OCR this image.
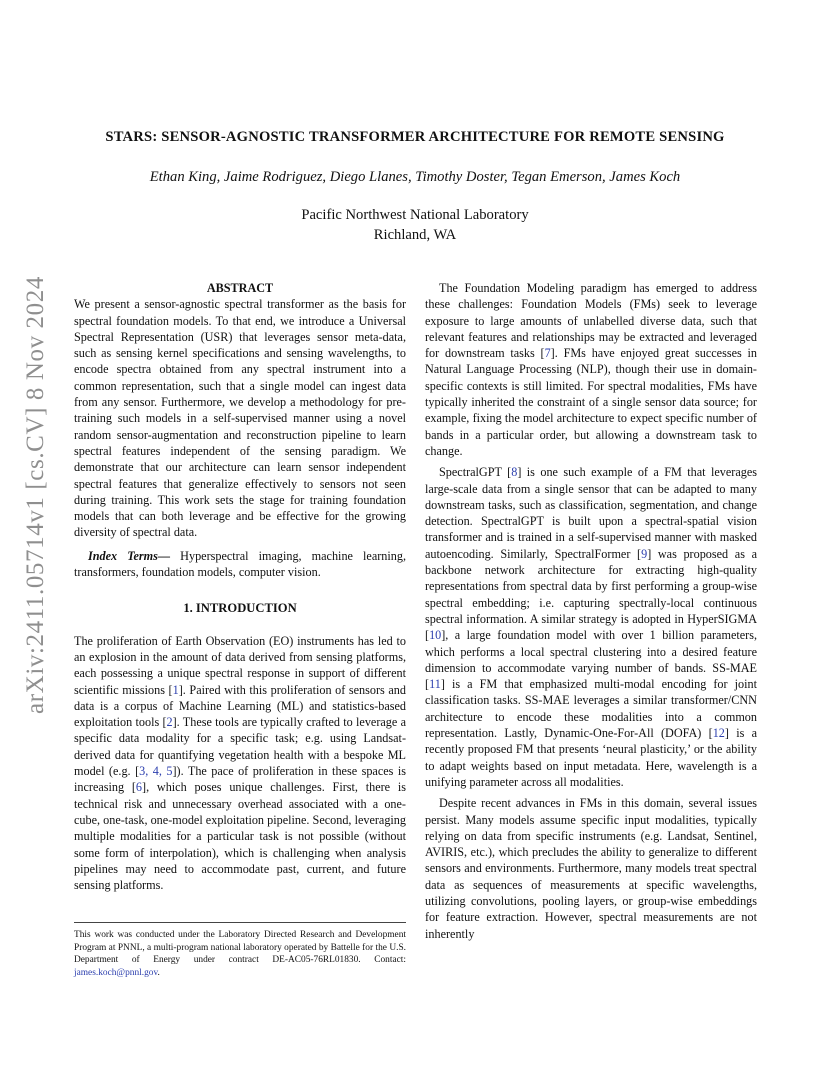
arXiv:2411.05714v1 [cs.CV] 8 Nov 2024
STARS: SENSOR-AGNOSTIC TRANSFORMER ARCHITECTURE FOR REMOTE SENSING

Ethan King, Jaime Rodriguez, Diego Llanes, Timothy Doster, Tegan Emerson, James Koch

Pacific Northwest National Laboratory
Richland, WA

ABSTRACT

We present a sensor-agnostic spectral transformer as the basis for spectral foundation models. To that end, we introduce a Universal Spectral Representation (USR) that leverages sensor meta-data, such as sensing kernel specifications and sensing wavelengths, to encode spectra obtained from any spectral instrument into a common representation, such that a single model can ingest data from any sensor. Furthermore, we develop a methodology for pre-training such models in a self-supervised manner using a novel random sensor-augmentation and reconstruction pipeline to learn spectral features independent of the sensing paradigm. We demonstrate that our architecture can learn sensor independent spectral features that generalize effectively to sensors not seen during training. This work sets the stage for training foundation models that can both leverage and be effective for the growing diversity of spectral data.

Index Terms— Hyperspectral imaging, machine learning, transformers, foundation models, computer vision.

1. INTRODUCTION

The proliferation of Earth Observation (EO) instruments has led to an explosion in the amount of data derived from sensing platforms, each possessing a unique spectral response in support of different scientific missions [1]. Paired with this proliferation of sensors and data is a corpus of Machine Learning (ML) and statistics-based exploitation tools [2]. These tools are typically crafted to leverage a specific data modality for a specific task; e.g. using Landsat-derived data for quantifying vegetation health with a bespoke ML model (e.g. [3, 4, 5]). The pace of proliferation in these spaces is increasing [6], which poses unique challenges. First, there is technical risk and unnecessary overhead associated with a one-cube, one-task, one-model exploitation pipeline. Second, leveraging multiple modalities for a particular task is not possible (without some form of interpolation), which is challenging when analysis pipelines may need to accommodate past, current, and future sensing platforms.

This work was conducted under the Laboratory Directed Research and Development Program at PNNL, a multi-program national laboratory operated by Battelle for the U.S. Department of Energy under contract DE-AC05-76RL01830. Contact: james.koch@pnnl.gov.

The Foundation Modeling paradigm has emerged to address these challenges: Foundation Models (FMs) seek to leverage exposure to large amounts of unlabelled diverse data, such that relevant features and relationships may be extracted and leveraged for downstream tasks [7]. FMs have enjoyed great successes in Natural Language Processing (NLP), though their use in domain-specific contexts is still limited. For spectral modalities, FMs have typically inherited the constraint of a single sensor data source; for example, fixing the model architecture to expect specific number of bands in a particular order, but allowing a downstream task to change.

SpectralGPT [8] is one such example of a FM that leverages large-scale data from a single sensor that can be adapted to many downstream tasks, such as classification, segmentation, and change detection. SpectralGPT is built upon a spectral-spatial vision transformer and is trained in a self-supervised manner with masked autoencoding. Similarly, SpectralFormer [9] was proposed as a backbone network architecture for extracting high-quality representations from spectral data by first performing a group-wise spectral embedding; i.e. capturing spectrally-local continuous spectral information. A similar strategy is adopted in HyperSIGMA [10], a large foundation model with over 1 billion parameters, which performs a local spectral clustering into a desired feature dimension to accommodate varying number of bands. SS-MAE [11] is a FM that emphasized multi-modal encoding for joint classification tasks. SS-MAE leverages a similar transformer/CNN architecture to encode these modalities into a common representation. Lastly, Dynamic-One-For-All (DOFA) [12] is a recently proposed FM that presents ‘neural plasticity,’ or the ability to adapt weights based on input metadata. Here, wavelength is a unifying parameter across all modalities.

Despite recent advances in FMs in this domain, several issues persist. Many models assume specific input modalities, typically relying on data from specific instruments (e.g. Landsat, Sentinel, AVIRIS, etc.), which precludes the ability to generalize to different sensors and environments. Furthermore, many models treat spectral data as sequences of measurements at specific wavelengths, utilizing convolutions, pooling layers, or group-wise embeddings for feature extraction. However, spectral measurements are not inherently
